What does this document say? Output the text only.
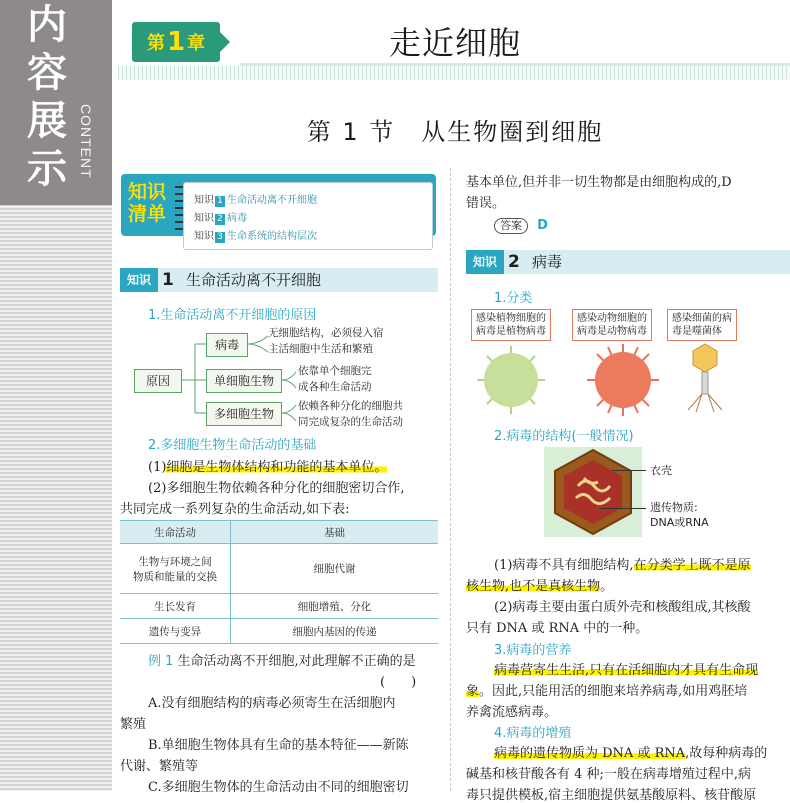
内
容
展
示 CONTENT
第 1 章	走近细胞
第 1 节　从生物圈到细胞
知识
清单
知识 1 生命活动离不开细胞
知识 2 病毒
知识 3 生命系统的结构层次
知识 1 生命活动离不开细胞
1.生命活动离不开细胞的原因
原因
病毒
单细胞生物
多细胞生物
无细胞结构，必须侵入宿
主活细胞中生活和繁殖
依靠单个细胞完
成各种生命活动
依赖各种分化的细胞共
同完成复杂的生命活动
2.多细胞生物生命活动的基础
(1)细胞是生物体结构和功能的基本单位。
(2)多细胞生物依赖各种分化的细胞密切合作,
共同完成一系列复杂的生命活动,如下表:
生命活动	基础

生物与环境之间
物质和能量的交换	细胞代谢
生长发育	细胞增殖、分化
遗传与变异	细胞内基因的传递
例 1 生命活动离不开细胞,对此理解不正确的是
(　　)
A.没有细胞结构的病毒必须寄生在活细胞内
繁殖
B.单细胞生物体具有生命的基本特征——新陈
代谢、繁殖等
C.多细胞生物体的生命活动由不同的细胞密切
基本单位,但并非一切生物都是由细胞构成的,D
错误。
答案 D
知识 2 病毒
1.分类
感染植物细胞的
病毒是植物病毒
感染动物细胞的
病毒是动物病毒
感染细菌的病
毒是噬菌体
2.病毒的结构(一般情况)
衣壳
遗传物质:
DNA或RNA
(1)病毒不具有细胞结构,在分类学上既不是原
核生物,也不是真核生物。
(2)病毒主要由蛋白质外壳和核酸组成,其核酸
只有 DNA 或 RNA 中的一种。
3.病毒的营养
病毒营寄生生活,只有在活细胞内才具有生命现
象。因此,只能用活的细胞来培养病毒,如用鸡胚培
养禽流感病毒。
4.病毒的增殖
病毒的遗传物质为 DNA 或 RNA,故每种病毒的
碱基和核苷酸各有 4 种;一般在病毒增殖过程中,病
毒只提供模板,宿主细胞提供氨基酸原料、核苷酸原
